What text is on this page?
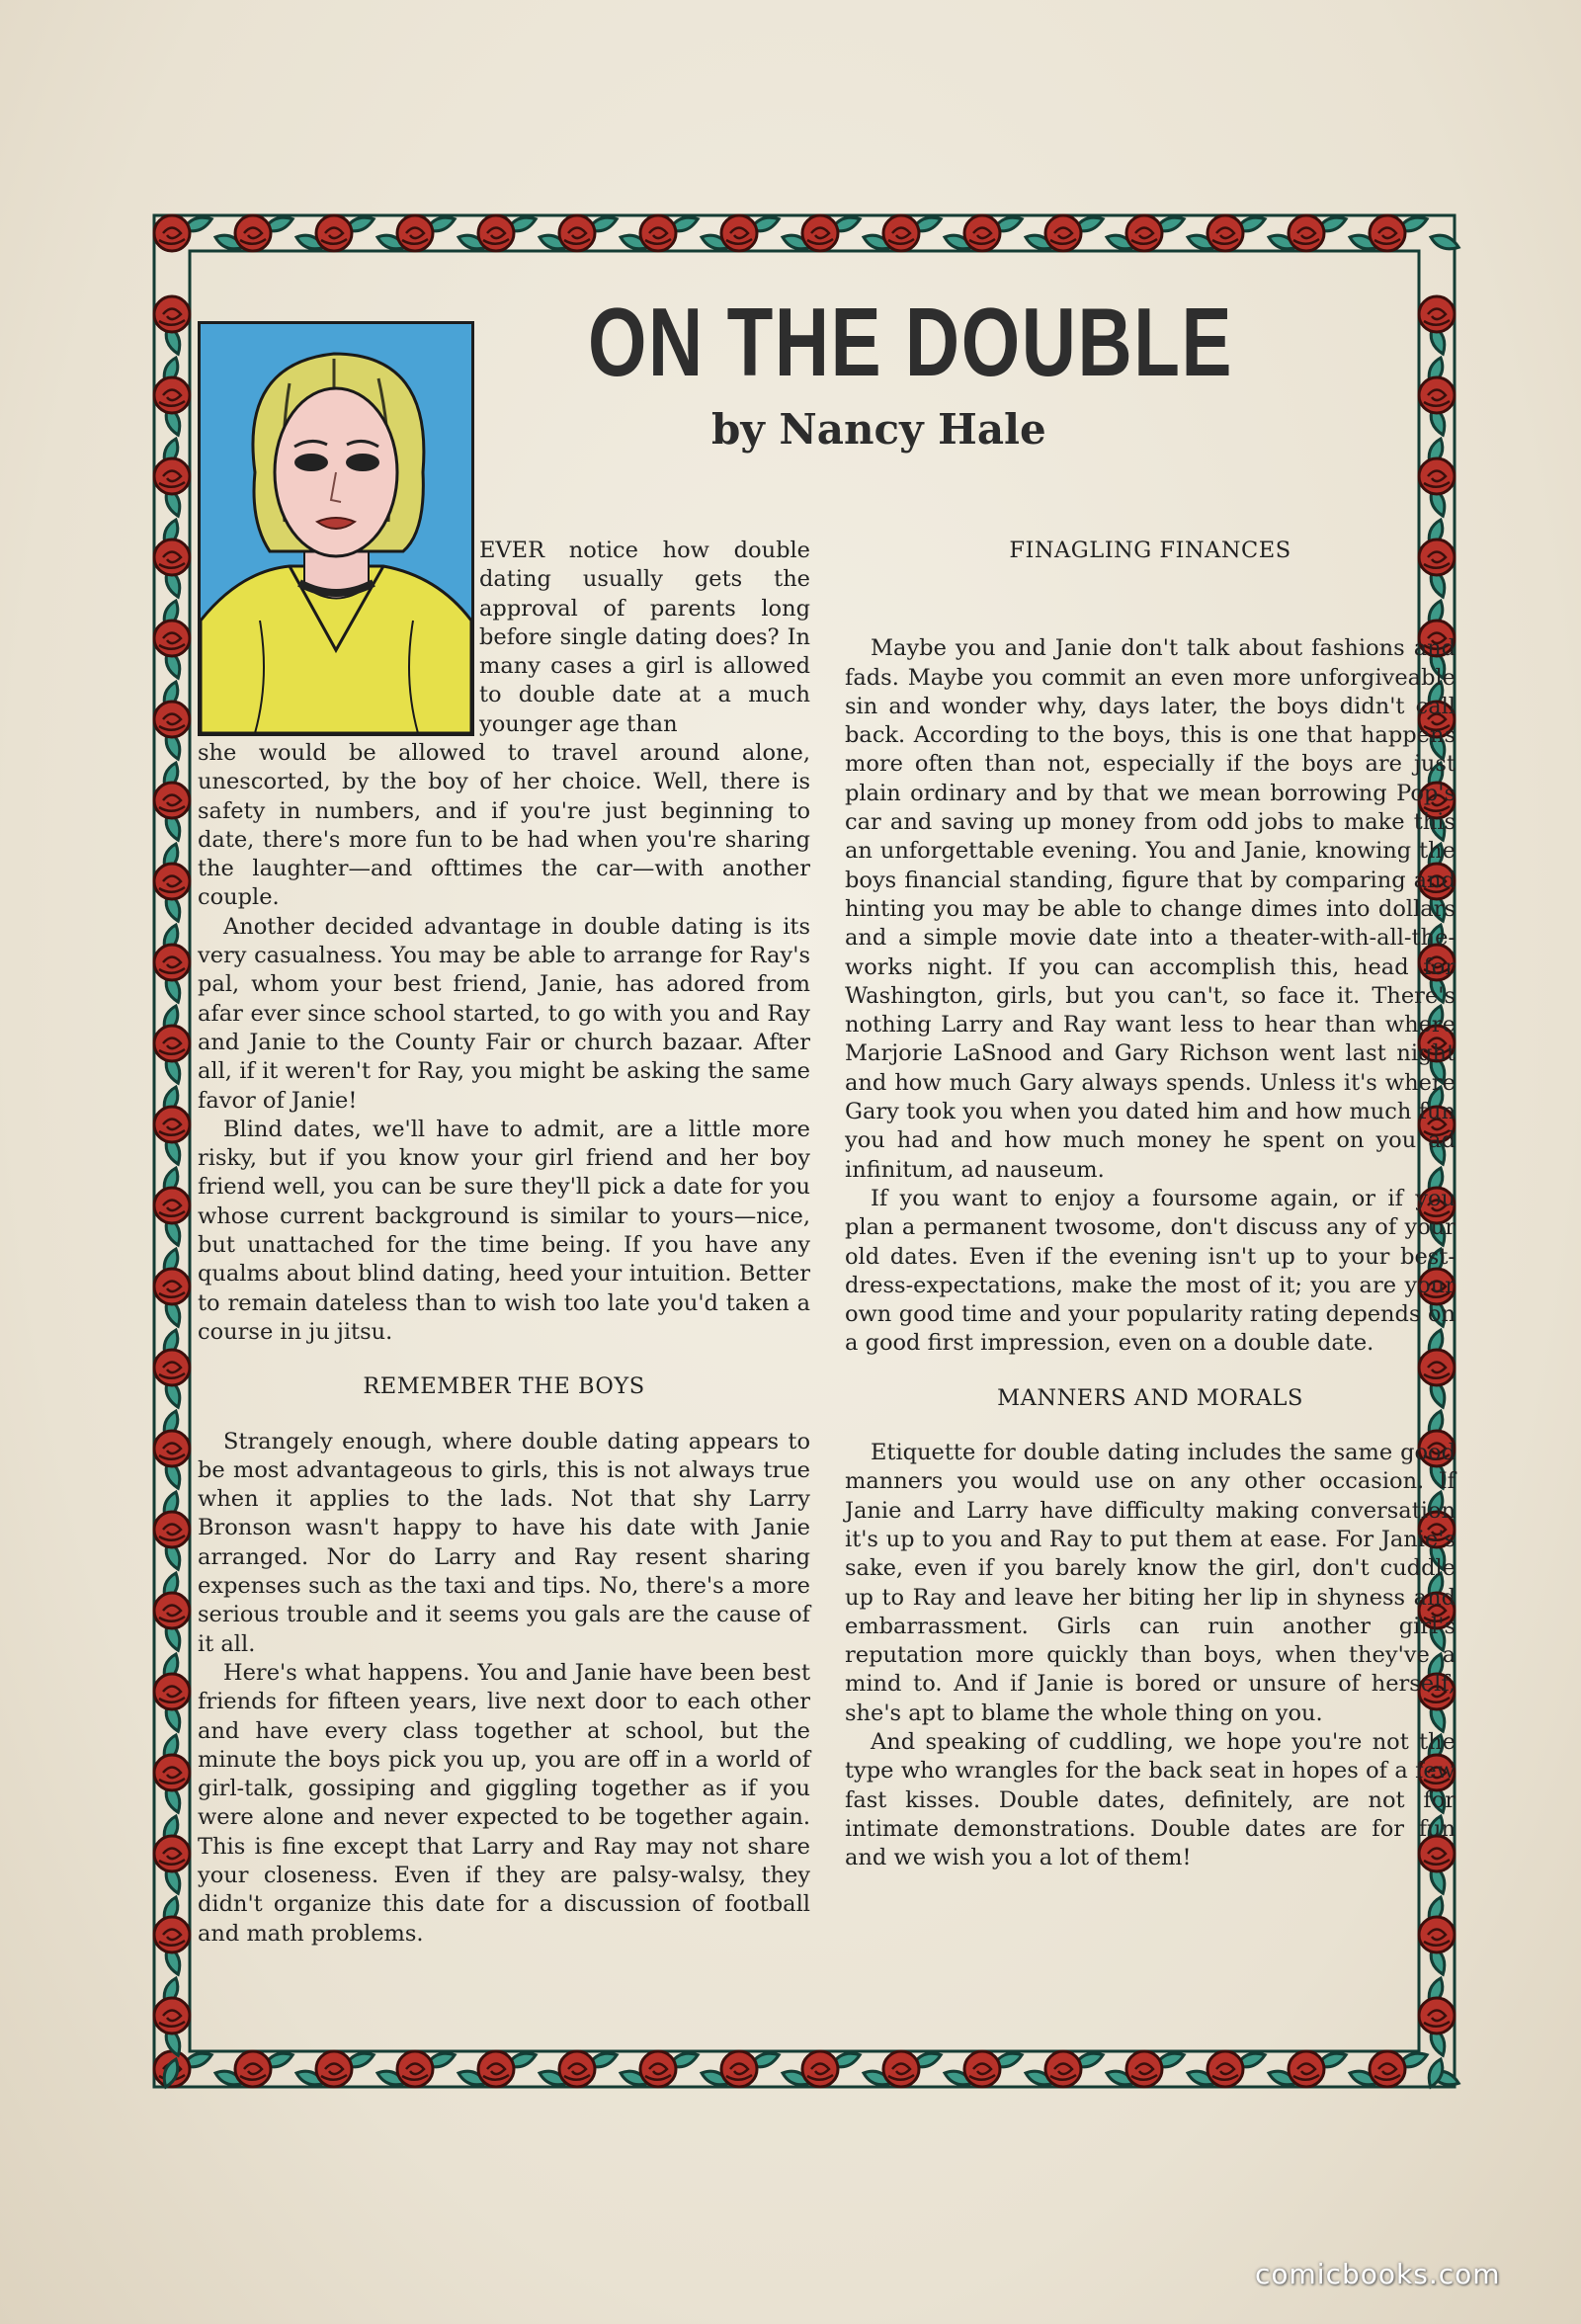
ON THE DOUBLE
by Nancy Hale

EVER notice how double dating usually gets the approval of parents long before single dating does? In many cases a girl is allowed to double date at a much younger age than

she would be allowed to travel around alone, unescorted, by the boy of her choice. Well, there is safety in numbers, and if you're just beginning to date, there's more fun to be had when you're sharing the laughter—and ofttimes the car—with another couple.

Another decided advantage in double dating is its very casualness. You may be able to arrange for Ray's pal, whom your best friend, Janie, has adored from afar ever since school started, to go with you and Ray and Janie to the County Fair or church bazaar. After all, if it weren't for Ray, you might be asking the same favor of Janie!

Blind dates, we'll have to admit, are a little more risky, but if you know your girl friend and her boy friend well, you can be sure they'll pick a date for you whose current background is similar to yours—nice, but unattached for the time being. If you have any qualms about blind dating, heed your intuition. Better to remain dateless than to wish too late you'd taken a course in ju jitsu.

REMEMBER THE BOYS

Strangely enough, where double dating appears to be most advantageous to girls, this is not always true when it applies to the lads. Not that shy Larry Bronson wasn't happy to have his date with Janie arranged. Nor do Larry and Ray resent sharing expenses such as the taxi and tips. No, there's a more serious trouble and it seems you gals are the cause of it all.

Here's what happens. You and Janie have been best friends for fifteen years, live next door to each other and have every class together at school, but the minute the boys pick you up, you are off in a world of girl-talk, gossiping and giggling together as if you were alone and never expected to be together again. This is fine except that Larry and Ray may not share your closeness. Even if they are palsy-walsy, they didn't organize this date for a discussion of football and math problems.

FINAGLING FINANCES

Maybe you and Janie don't talk about fashions and fads. Maybe you commit an even more unforgiveable sin and wonder why, days later, the boys didn't call back. According to the boys, this is one that happens more often than not, especially if the boys are just plain ordinary and by that we mean borrowing Pop's car and saving up money from odd jobs to make this an unforgettable evening. You and Janie, knowing the boys financial standing, figure that by comparing and hinting you may be able to change dimes into dollars and a simple movie date into a theater-with-all-the-works night. If you can accomplish this, head for Washington, girls, but you can't, so face it. There's nothing Larry and Ray want less to hear than where Marjorie LaSnood and Gary Richson went last night and how much Gary always spends. Unless it's where Gary took you when you dated him and how much fun you had and how much money he spent on you ad infinitum, ad nauseum.

If you want to enjoy a foursome again, or if you plan a permanent twosome, don't discuss any of your old dates. Even if the evening isn't up to your best-dress-expectations, make the most of it; you are your own good time and your popularity rating depends on a good first impression, even on a double date.

MANNERS AND MORALS

Etiquette for double dating includes the same good manners you would use on any other occasion. If Janie and Larry have difficulty making conversation it's up to you and Ray to put them at ease. For Janie's sake, even if you barely know the girl, don't cuddle up to Ray and leave her biting her lip in shyness and embarrassment. Girls can ruin another girl's reputation more quickly than boys, when they've a mind to. And if Janie is bored or unsure of herself, she's apt to blame the whole thing on you.

And speaking of cuddling, we hope you're not the type who wrangles for the back seat in hopes of a few fast kisses. Double dates, definitely, are not for intimate demonstrations. Double dates are for fun and we wish you a lot of them!

comicbooks.com
